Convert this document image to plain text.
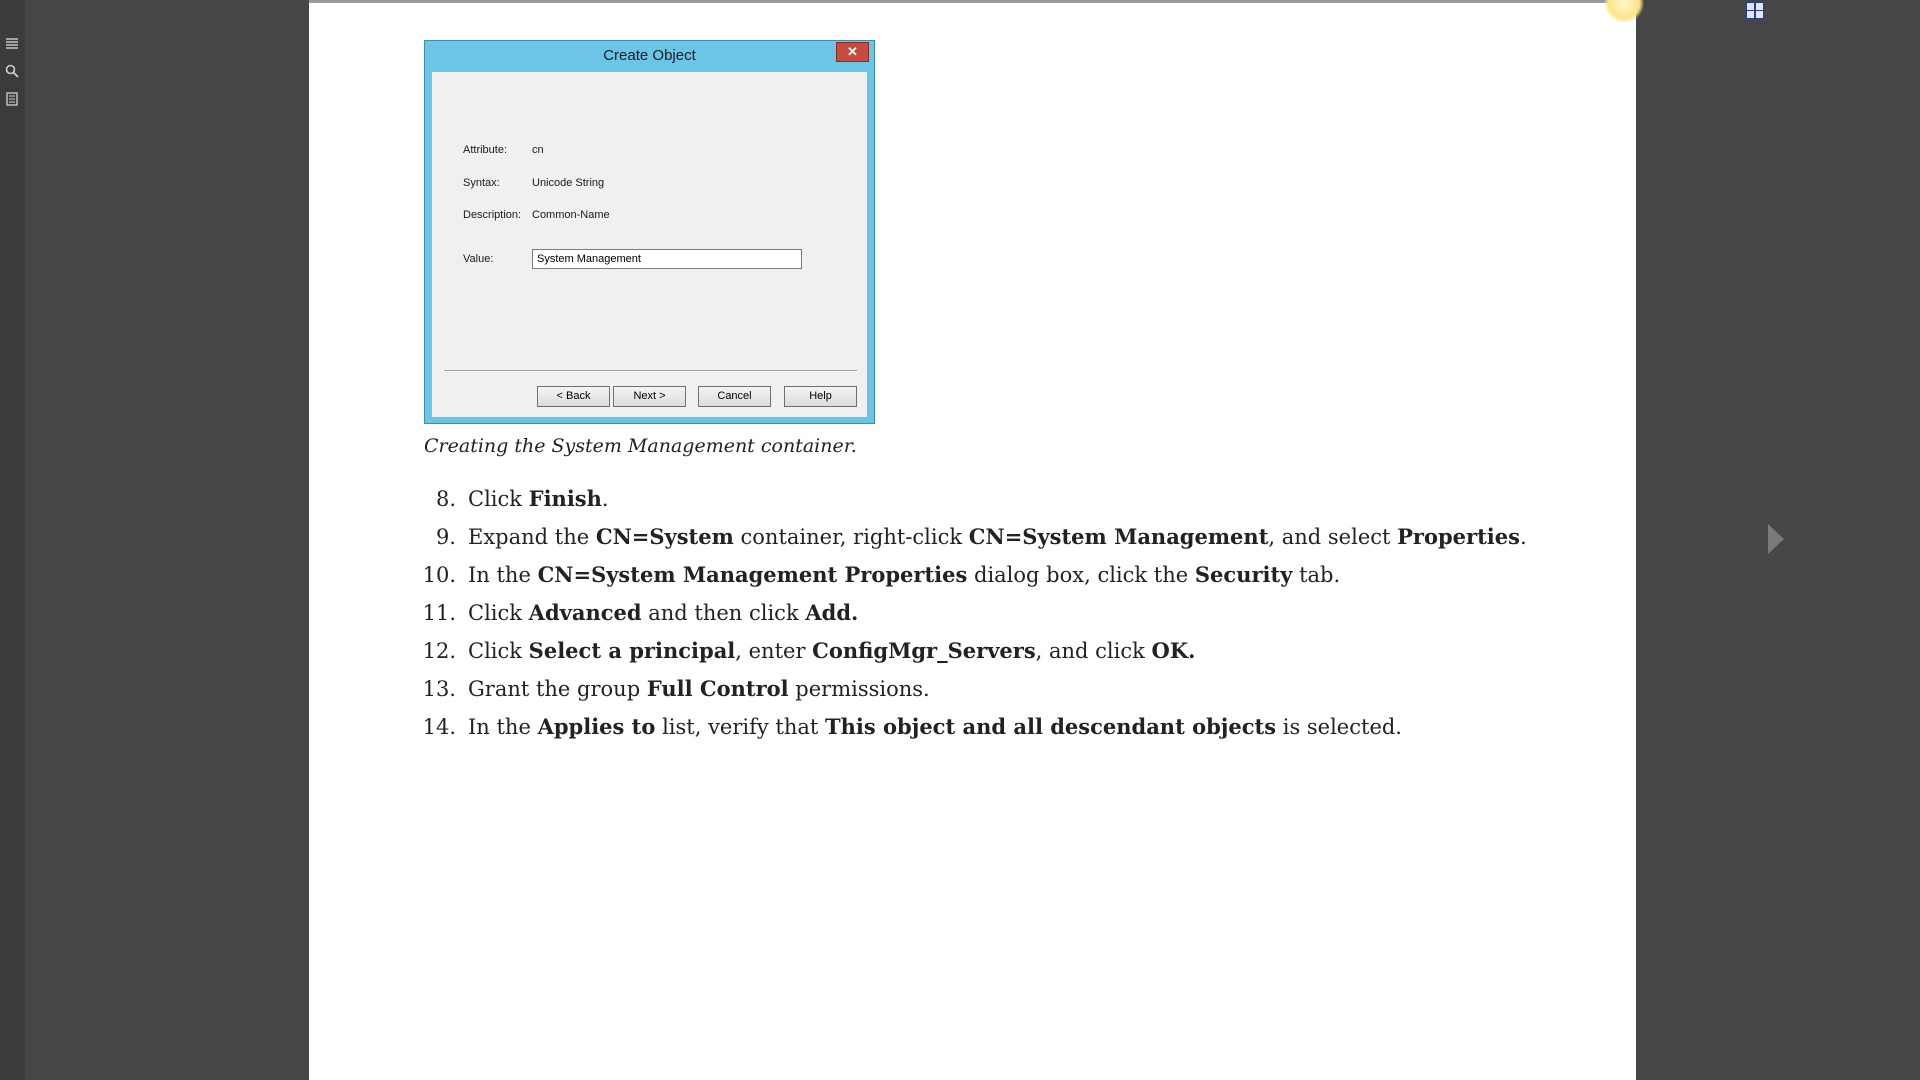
Create Object	✕
Attribute: cn
Syntax:	Unicode String
Description: Common-Name
Value:	System Management
< Back	Next >	Cancel	Help
Creating the System Management container.
8. Click Finish.
9. Expand the CN=System container, right-click CN=System Management, and select Properties.
10. In the CN=System Management Properties dialog box, click the Security tab.
11. Click Advanced and then click Add.
12. Click Select a principal, enter ConfigMgr_Servers, and click OK.
13. Grant the group Full Control permissions.
14. In the Applies to list, verify that This object and all descendant objects is selected.
